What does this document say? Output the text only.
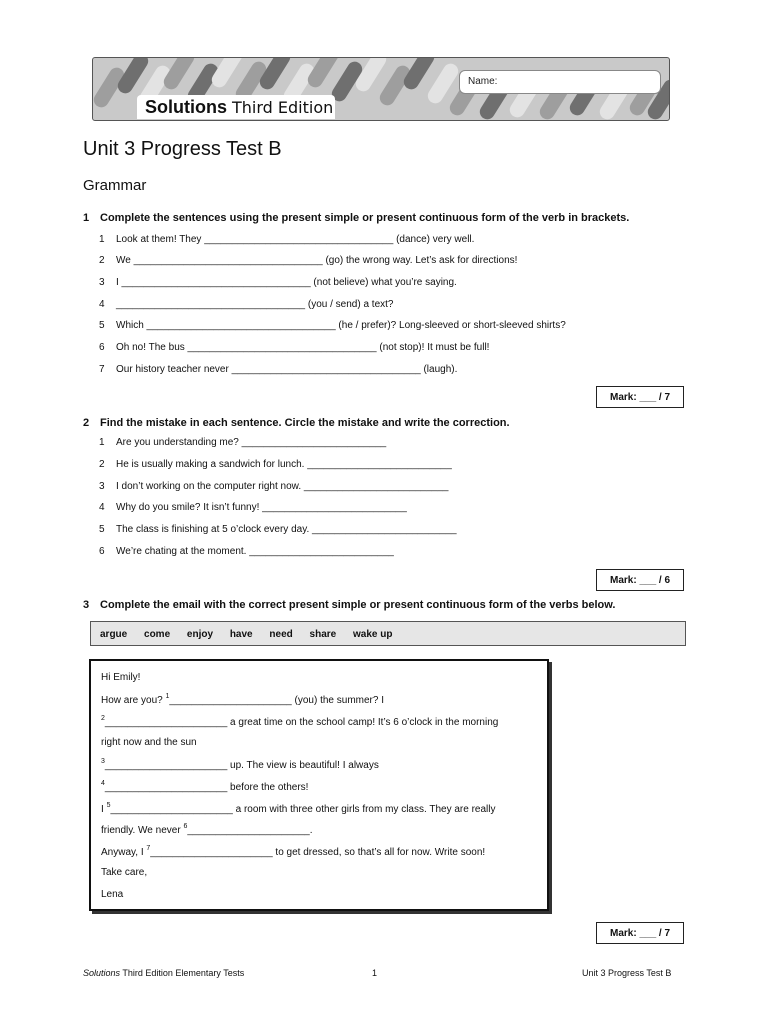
Name:
Solutions Third Edition
Unit 3 Progress Test B
Grammar
1 Complete the sentences using the present simple or present continuous form of the verb in brackets.
1 Look at them! They __________________________________ (dance) very well.
2 We __________________________________ (go) the wrong way. Let’s ask for directions!
3 I __________________________________ (not believe) what you’re saying.
4 __________________________________ (you / send) a text?
5 Which __________________________________ (he / prefer)? Long-sleeved or short-sleeved shirts?
6 Oh no! The bus __________________________________ (not stop)! It must be full!
7 Our history teacher never __________________________________ (laugh).
Mark: ___ / 7
2 Find the mistake in each sentence. Circle the mistake and write the correction.
1 Are you understanding me? __________________________
2 He is usually making a sandwich for lunch. __________________________
3 I don’t working on the computer right now. __________________________
4 Why do you smile? It isn’t funny! __________________________
5 The class is finishing at 5 o’clock every day. __________________________
6 We’re chating at the moment. __________________________
Mark: ___ / 6
3 Complete the email with the correct present simple or present continuous form of the verbs below.
argue come enjoy have need share wake up
Hi Emily!
How are you? $^1$______________________ (you) the summer? I
$^2$______________________ a great time on the school camp! It’s 6 o’clock in the morning
right now and the sun
$^3$______________________ up. The view is beautiful! I always
$^4$______________________ before the others!
I $^5$______________________ a room with three other girls from my class. They are really
friendly. We never $^6$______________________.
Anyway, I $^7$______________________ to get dressed, so that’s all for now. Write soon!
Take care,
Lena
Mark: ___ / 7
Solutions Third Edition Elementary Tests	1	Unit 3 Progress Test B
